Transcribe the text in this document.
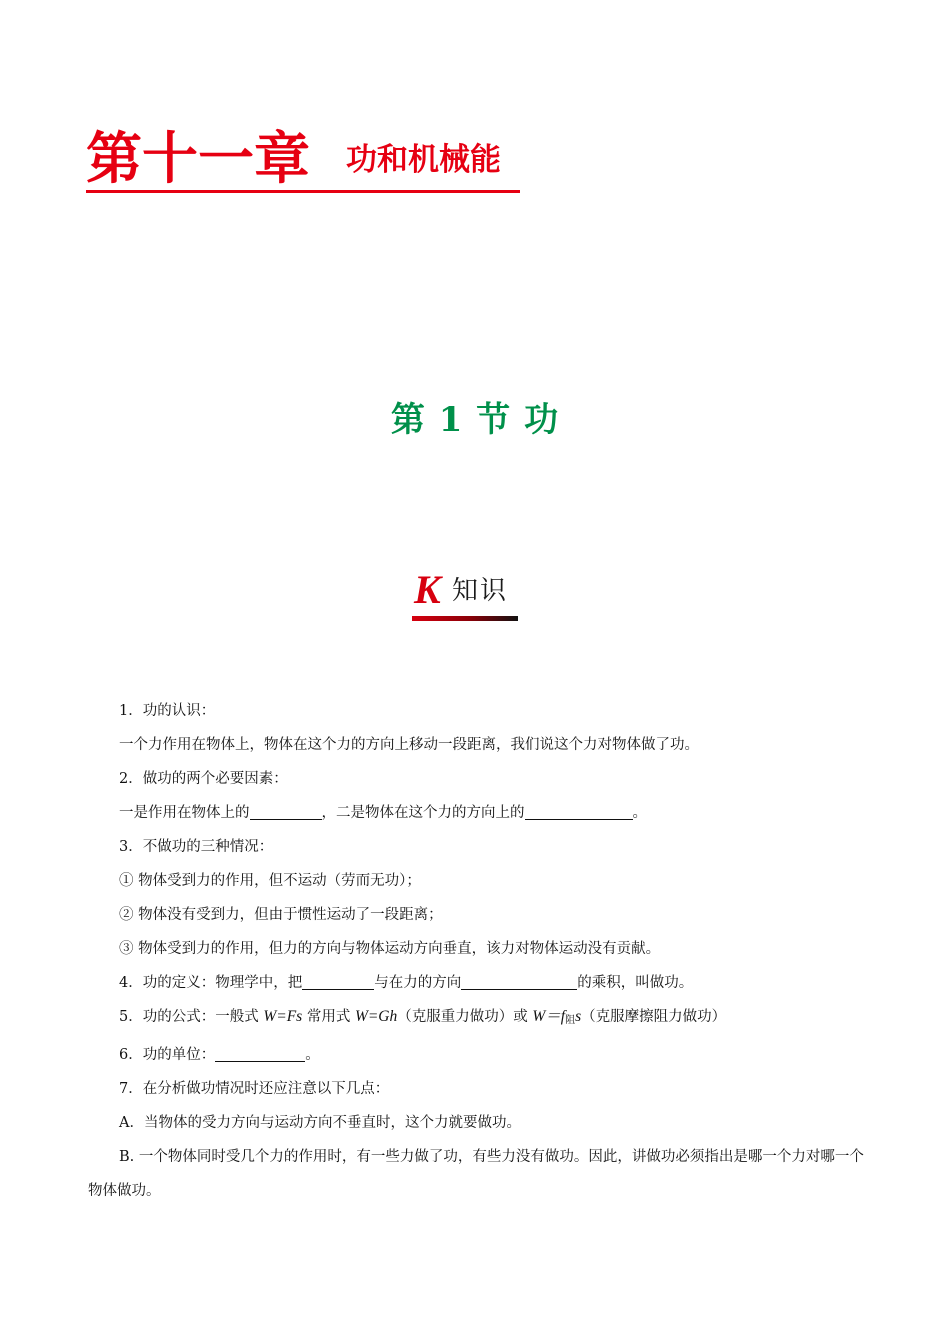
第十一章 功和机械能
第 1 节 功
K 知识
1．功的认识：
一个力作用在物体上，物体在这个力的方向上移动一段距离，我们说这个力对物体做了功。
2．做功的两个必要因素：
一是作用在物体上的	，二是物体在这个力的方向上的	。
3．不做功的三种情况：
① 物体受到力的作用，但不运动（劳而无功）；
② 物体没有受到力，但由于惯性运动了一段距离；
③ 物体受到力的作用，但力的方向与物体运动方向垂直，该力对物体运动没有贡献。
4．功的定义：物理学中，把	与在力的方向	的乘积，叫做功。
5．功的公式：一般式 W=Fs 常用式 W=Gh（克服重力做功）或 $W=f_阻s$（克服摩擦阻力做功）
6．功的单位：	。
7．在分析做功情况时还应注意以下几点：
A．当物体的受力方向与运动方向不垂直时，这个力就要做功。
B. 一个物体同时受几个力的作用时，有一些力做了功，有些力没有做功。因此，讲做功必须指出是哪一个力对哪一个物体做功。
